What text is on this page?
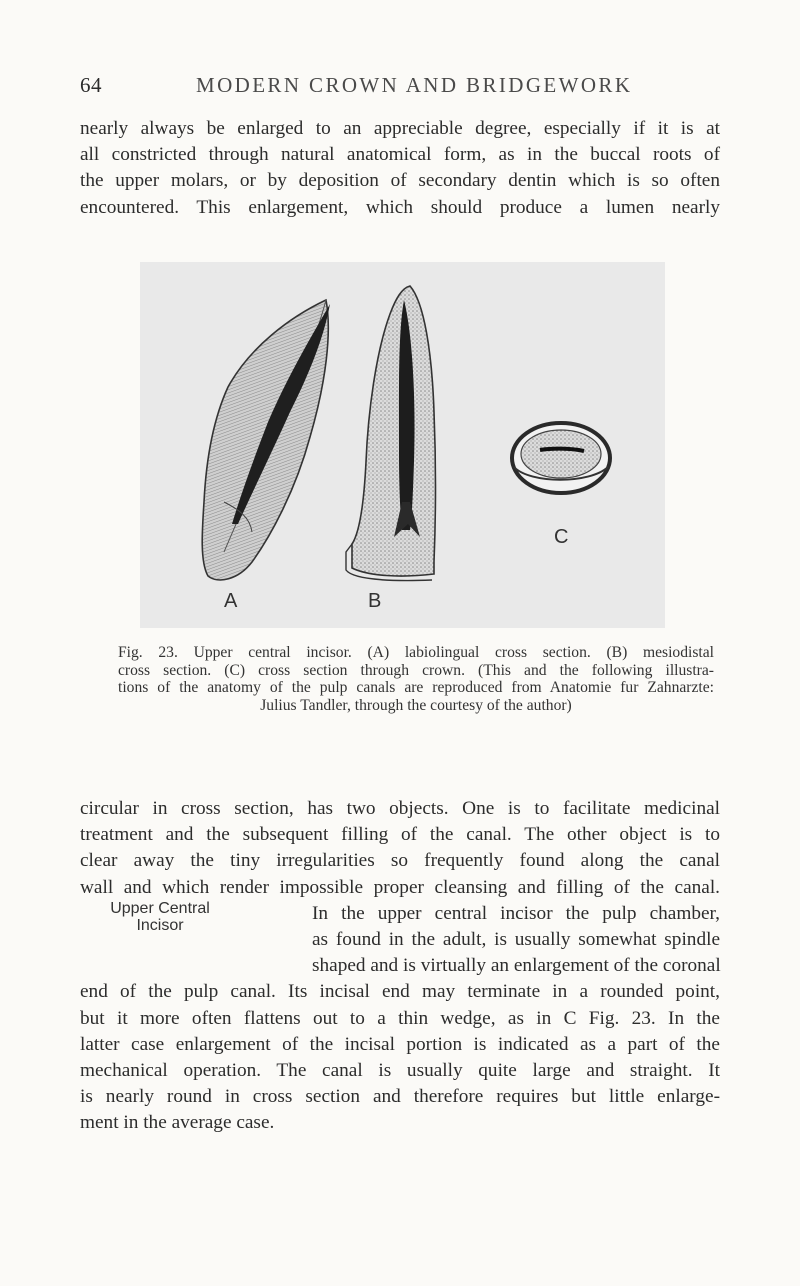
64	MODERN CROWN AND BRIDGEWORK

nearly always be enlarged to an appreciable degree, especially if it is at
all constricted through natural anatomical form, as in the buccal roots of
the upper molars, or by deposition of secondary dentin which is so often
encountered. This enlargement, which should produce a lumen nearly

A	B
C
Fig. 23. Upper central incisor. (A) labiolingual cross section. (B) mesiodistal
cross section. (C) cross section through crown. (This and the following illustra-
tions of the anatomy of the pulp canals are reproduced from Anatomie fur Zahnarzte:
Julius Tandler, through the courtesy of the author)
Upper Central
Incisor

circular in cross section, has two objects. One is to facilitate medicinal
treatment and the subsequent filling of the canal. The other object is to
clear away the tiny irregularities so frequently found along the canal
wall and which render impossible proper cleansing and filling of the canal.
In the upper central incisor the pulp chamber,
as found in the adult, is usually somewhat spindle
shaped and is virtually an enlargement of the coronal
end of the pulp canal. Its incisal end may terminate in a rounded point,
but it more often flattens out to a thin wedge, as in C Fig. 23. In the
latter case enlargement of the incisal portion is indicated as a part of the
mechanical operation. The canal is usually quite large and straight. It
is nearly round in cross section and therefore requires but little enlarge-
ment in the average case.
